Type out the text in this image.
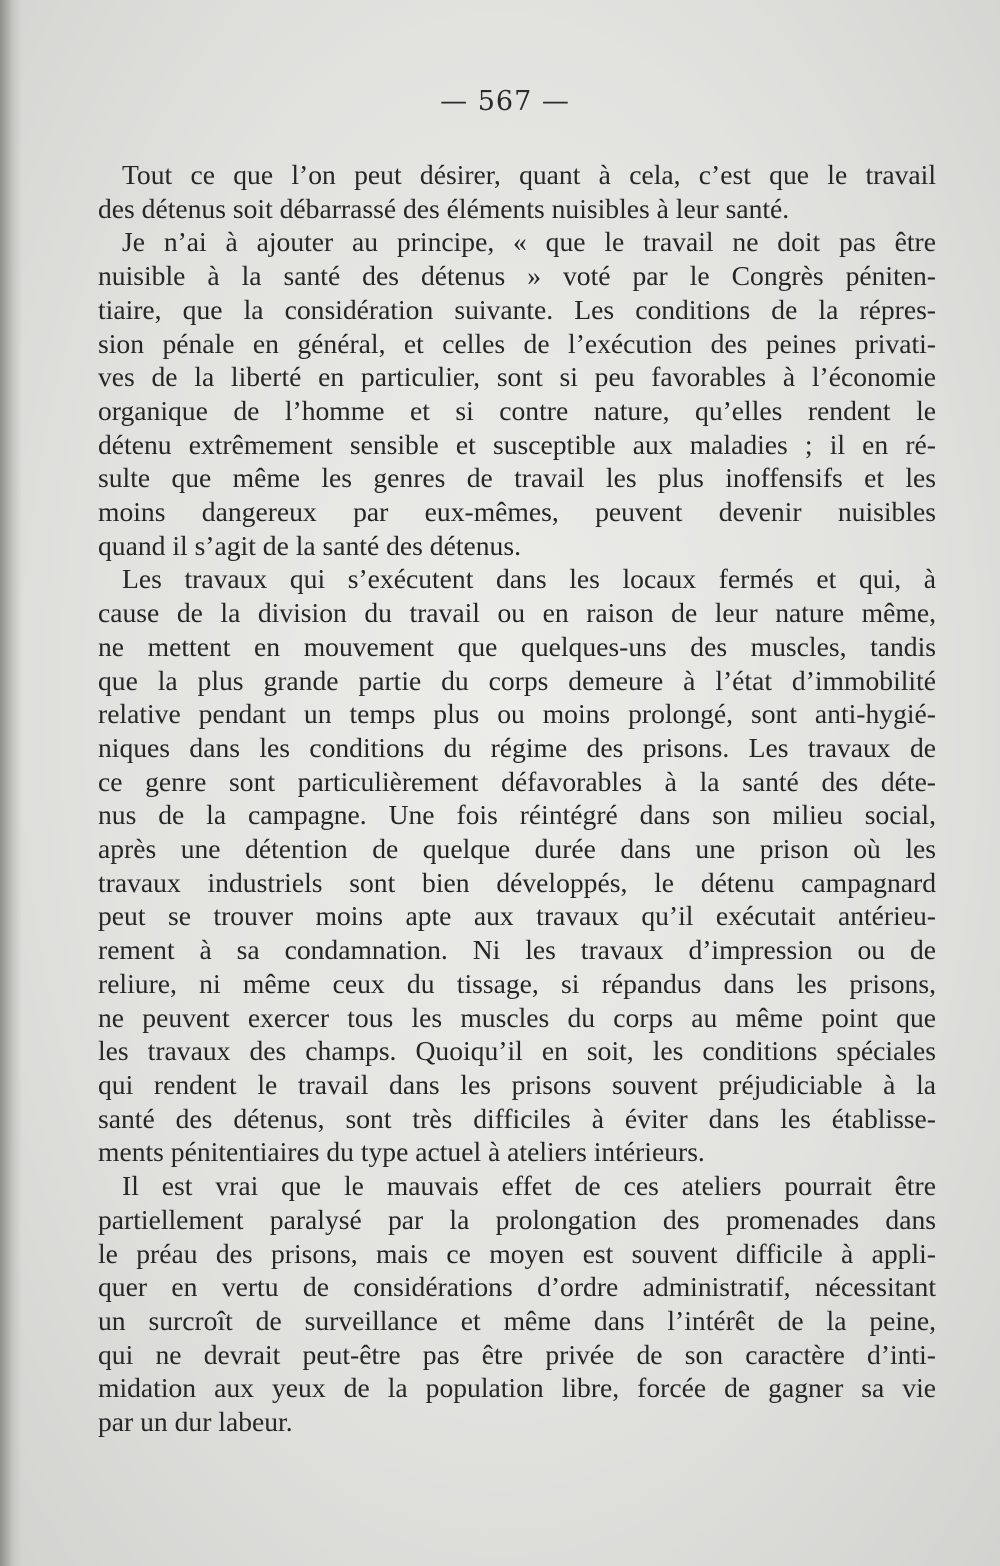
— 567 —
Tout ce que l’on peut désirer, quant à cela, c’est que le travail
des détenus soit débarrassé des éléments nuisibles à leur santé.
Je n’ai à ajouter au principe, « que le travail ne doit pas être
nuisible à la santé des détenus » voté par le Congrès péniten-
tiaire, que la considération suivante. Les conditions de la répres-
sion pénale en général, et celles de l’exécution des peines privati-
ves de la liberté en particulier, sont si peu favorables à l’économie
organique de l’homme et si contre nature, qu’elles rendent le
détenu extrêmement sensible et susceptible aux maladies ; il en ré-
sulte que même les genres de travail les plus inoffensifs et les
moins dangereux par eux-mêmes, peuvent devenir nuisibles
quand il s’agit de la santé des détenus.
Les travaux qui s’exécutent dans les locaux fermés et qui, à
cause de la division du travail ou en raison de leur nature même,
ne mettent en mouvement que quelques-uns des muscles, tandis
que la plus grande partie du corps demeure à l’état d’immobilité
relative pendant un temps plus ou moins prolongé, sont anti-hygié-
niques dans les conditions du régime des prisons. Les travaux de
ce genre sont particulièrement défavorables à la santé des déte-
nus de la campagne. Une fois réintégré dans son milieu social,
après une détention de quelque durée dans une prison où les
travaux industriels sont bien développés, le détenu campagnard
peut se trouver moins apte aux travaux qu’il exécutait antérieu-
rement à sa condamnation. Ni les travaux d’impression ou de
reliure, ni même ceux du tissage, si répandus dans les prisons,
ne peuvent exercer tous les muscles du corps au même point que
les travaux des champs. Quoiqu’il en soit, les conditions spéciales
qui rendent le travail dans les prisons souvent préjudiciable à la
santé des détenus, sont très difficiles à éviter dans les établisse-
ments pénitentiaires du type actuel à ateliers intérieurs.
Il est vrai que le mauvais effet de ces ateliers pourrait être
partiellement paralysé par la prolongation des promenades dans
le préau des prisons, mais ce moyen est souvent difficile à appli-
quer en vertu de considérations d’ordre administratif, nécessitant
un surcroît de surveillance et même dans l’intérêt de la peine,
qui ne devrait peut-être pas être privée de son caractère d’inti-
midation aux yeux de la population libre, forcée de gagner sa vie
par un dur labeur.
